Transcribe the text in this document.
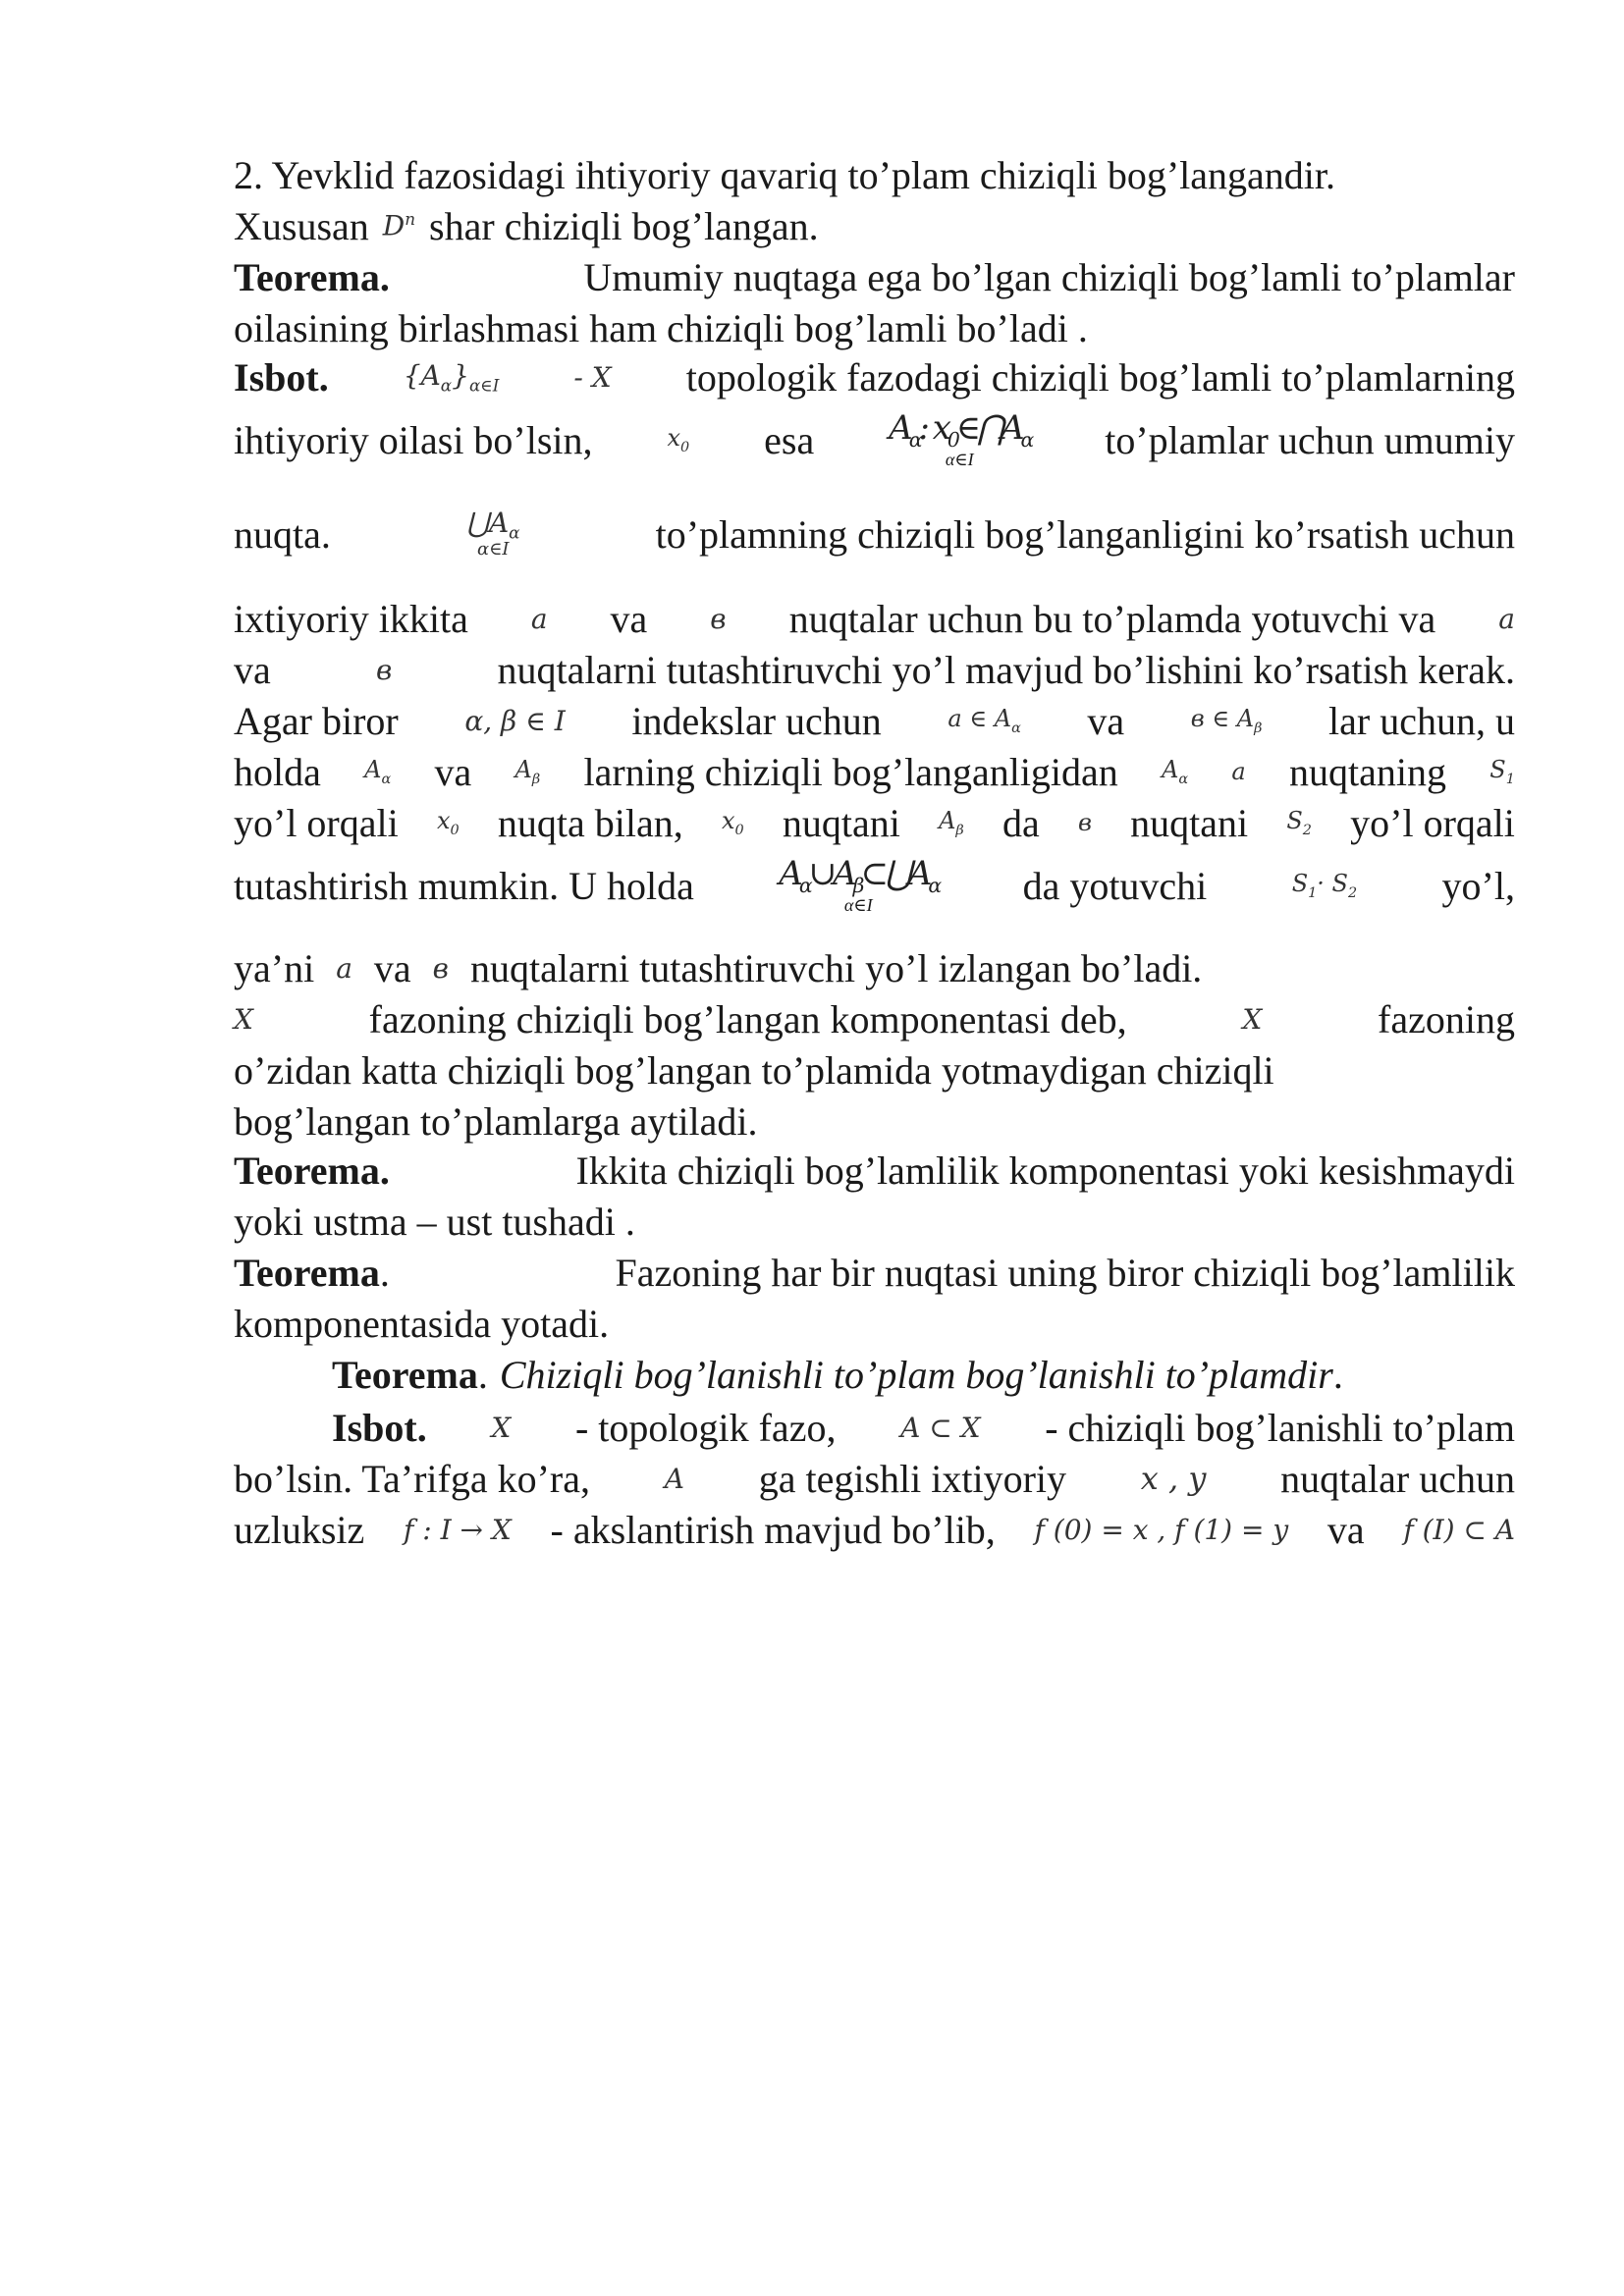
2. Yevklid fazosidagi ihtiyoriy qavariq to’plam chiziqli bog’langandir.
Xususan $D^n$ shar chiziqli bog’langan.
Teorema.	Umumiy nuqtaga ega bo’lgan chiziqli bog’lamli to’plamlar
oilasining birlashmasi ham chiziqli bog’lamli bo’ladi .
Isbot.	$\{A_\alpha\}_{\alpha\in I}$	- X topologik fazodagi chiziqli bog’lamli to’plamlarning
ihtiyoriy oilasi bo’lsin,	$x_0$ esa $A_\alpha$: $x_0\in⋂A_\alpha$
α∈I	to’plamlar uchun umumiy
nuqta.	$⋃A_\alpha$
α∈I	to’plamning chiziqli bog’langanligini ko’rsatish uchun
ixtiyoriy ikkita a va в nuqtalar uchun bu to’plamda yotuvchi va a
va	в	nuqtalarni tutashtiruvchi yo’l mavjud bo’lishini ko’rsatish kerak.
Agar biror α, β ∈ I indekslar uchun	a ∈ $A_\alpha$ va	в ∈ $A_\beta$ lar uchun, u
holda $A_\alpha$ va $A_\beta$ larning chiziqli bog’langanligidan $A_\alpha$ a nuqtaning $S_1$
yo’l orqali $x_0$ nuqta bilan, $x_0$ nuqtani $A_\beta$ da в nuqtani $S_2$ yo’l orqali
tutashtirish mumkin. U holda	$A_\alpha\cup A_\beta\subset⋃A_\alpha$
α∈I	da yotuvchi	$S_1\cdot S_2$ yo’l,
ya’ni a va в nuqtalarni tutashtiruvchi yo’l izlangan bo’ladi.
X	fazoning chiziqli bog’langan komponentasi deb,	X	fazoning
o’zidan katta chiziqli bog’langan to’plamida yotmaydigan chiziqli
bog’langan to’plamlarga aytiladi.
Teorema.	Ikkita chiziqli bog’lamlilik komponentasi yoki kesishmaydi
yoki ustma – ust tushadi .
Teorema.	Fazoning har bir nuqtasi uning biror chiziqli bog’lamlilik
komponentasida yotadi.
Teorema. Chiziqli bog’lanishli to’plam bog’lanishli to’plamdir .
Isbot. X - topologik fazo, A ⊂ X - chiziqli bog’lanishli to’plam
bo’lsin. Ta’rifga ko’ra,	A ga tegishli ixtiyoriy x , y nuqtalar uchun
uzluksiz f : I → X - akslantirish mavjud bo’lib, f (0) = x , f (1) = y va f (I) ⊂ A
